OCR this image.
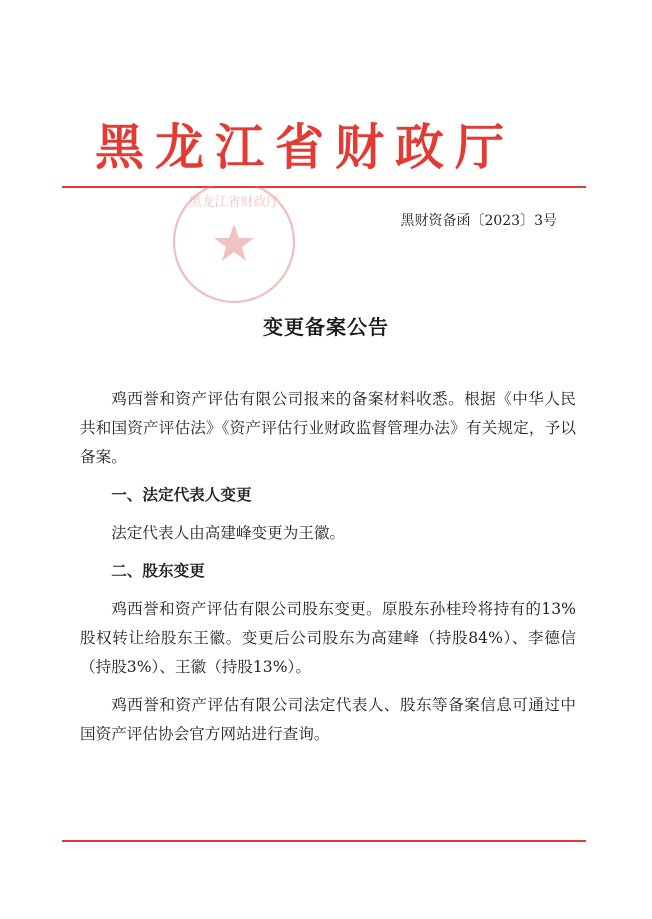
黑龙江省财政厅
黑龙江省财政厅
黑财资备函〔2023〕3号
变更备案公告

鸡西誉和资产评估有限公司报来的备案材料收悉。根据《中华人民共和国资产评估法》《资产评估行业财政监督管理办法》有关规定，予以备案。

一、法定代表人变更

法定代表人由高建峰变更为王徽。

二、股东变更

鸡西誉和资产评估有限公司股东变更。原股东孙桂玲将持有的13%股权转让给股东王徽。变更后公司股东为高建峰（持股84%）、李德信（持股3%）、王徽（持股13%）。

鸡西誉和资产评估有限公司法定代表人、股东等备案信息可通过中国资产评估协会官方网站进行查询。
